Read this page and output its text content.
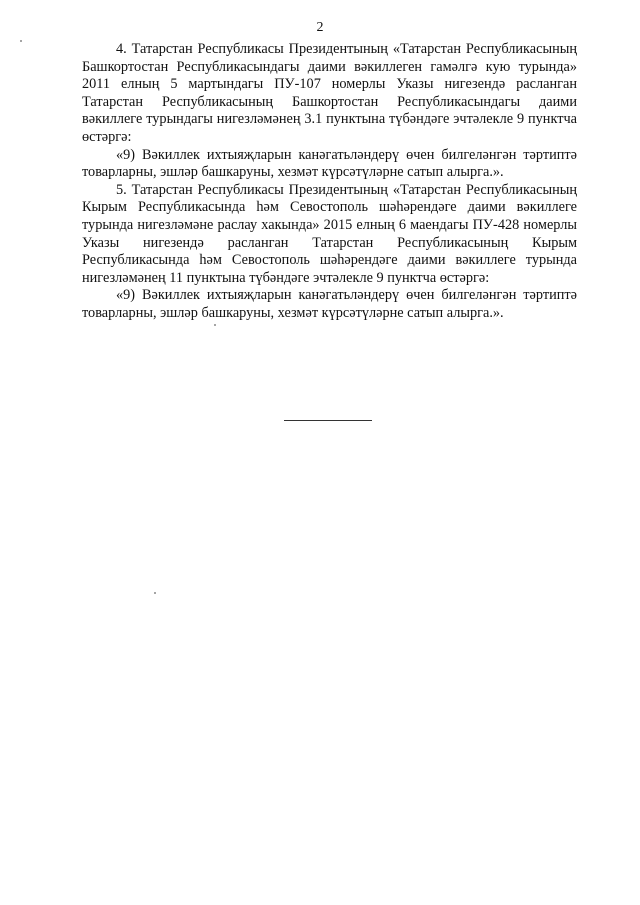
2

4. Татарстан Республикасы Президентының «Татарстан Республикасының Башкортостан Республикасындагы даими вәкиллеген гамәлгә кую турында» 2011 елның 5 мартындагы ПУ-107 номерлы Указы нигезендә расланган Татарстан Республикасының Башкортостан Республикасындагы даими вәкиллеге турындагы нигезләмәнең 3.1 пунктына түбәндәге эчтәлекле 9 пунктча өстәргә:

«9) Вәкиллек ихтыяҗларын канәгатьләндерү өчен билгеләнгән тәртиптә товарларны, эшләр башкаруны, хезмәт күрсәтүләрне сатып алырга.».

5. Татарстан Республикасы Президентының «Татарстан Республикасының Кырым Республикасында һәм Севостополь шәһәрендәге даими вәкиллеге турында нигезләмәне раслау хакында» 2015 елның 6 маендагы ПУ-428 номерлы Указы нигезендә расланган Татарстан Республикасының Кырым Республикасында һәм Севостополь шәһәрендәге даими вәкиллеге турында нигезләмәнең 11 пунктына түбәндәге эчтәлекле 9 пунктча өстәргә:

«9) Вәкиллек ихтыяҗларын канәгатьләндерү өчен билгеләнгән тәртиптә товарларны, эшләр башкаруны, хезмәт күрсәтүләрне сатып алырга.».
